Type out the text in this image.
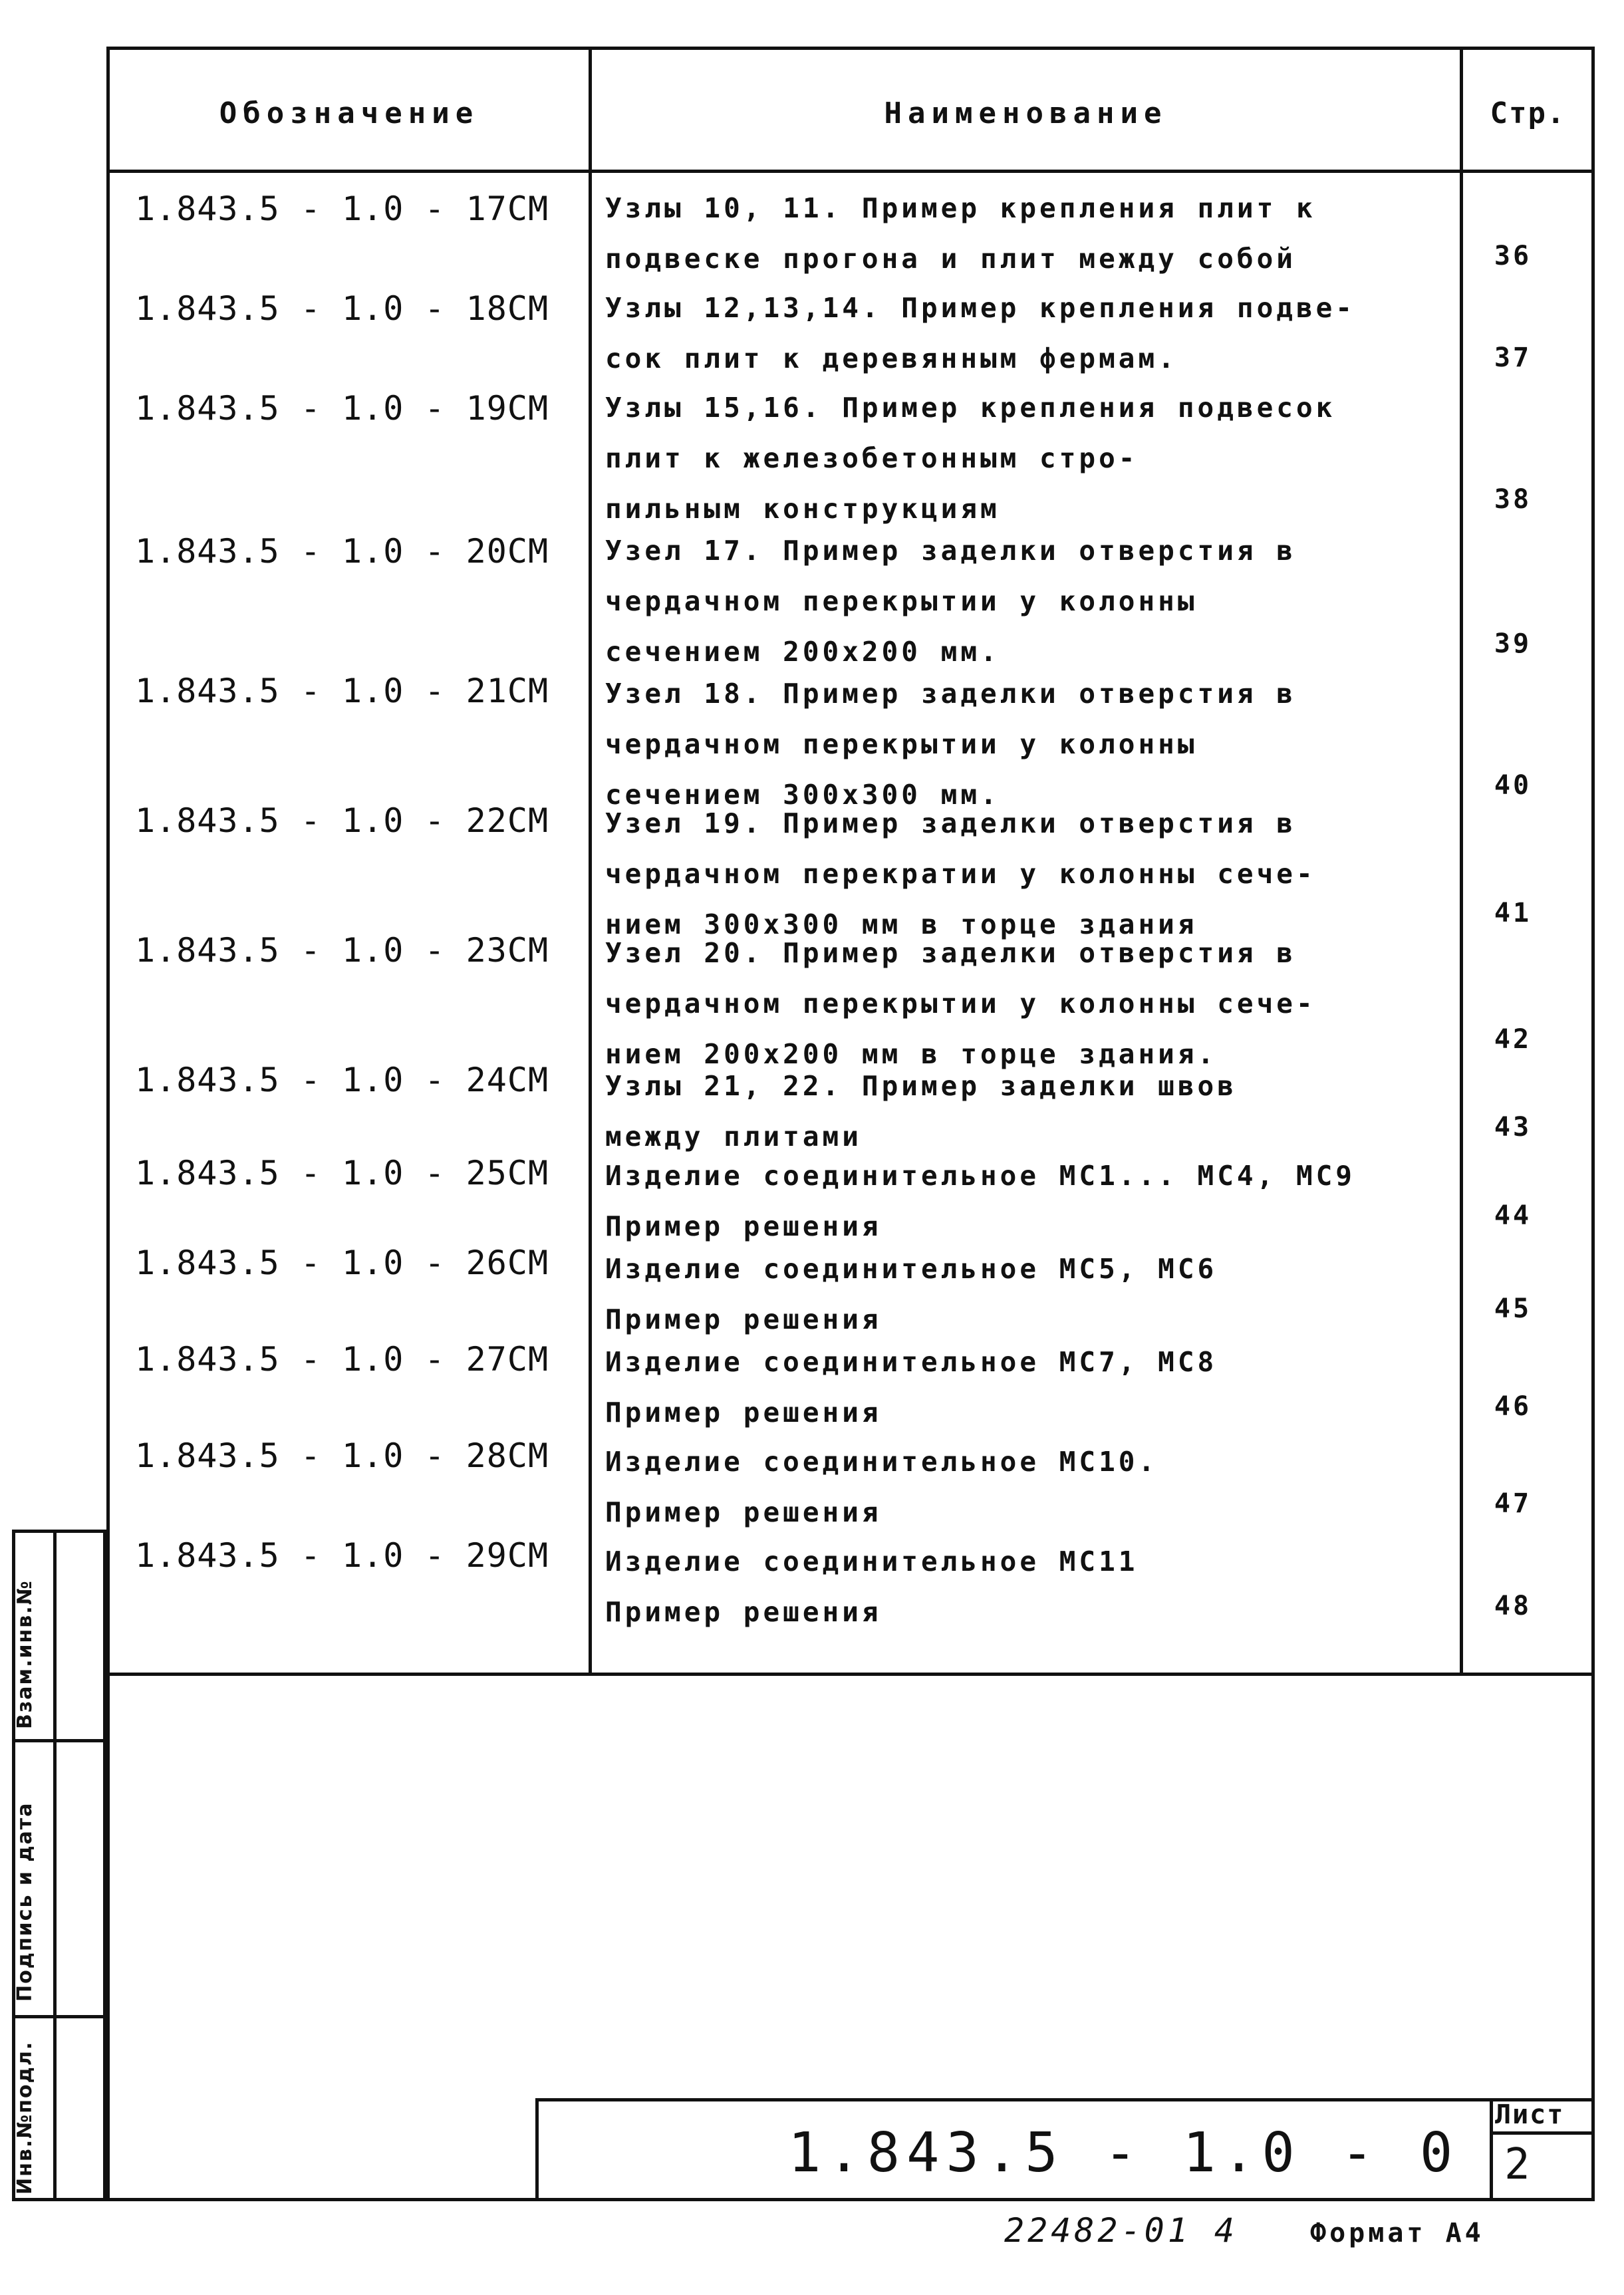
Обозначение	Наименование	Стр.
1.843.5 - 1.0 - 17СМ	Узлы 10, 11. Пример крепления плит к
подвеске прогона и плит между собой	36
1.843.5 - 1.0 - 18СМ	Узлы 12,13,14. Пример крепления подве-
сок плит к деревянным фермам.	37
1.843.5 - 1.0 - 19СМ	Узлы 15,16. Пример крепления подвесок
плит к железобетонным стро-
пильным конструкциям	38
1.843.5 - 1.0 - 20СМ	Узел 17. Пример заделки отверстия в
чердачном перекрытии у колонны
сечением 200х200 мм.	39
1.843.5 - 1.0 - 21СМ	Узел 18. Пример заделки отверстия в
чердачном перекрытии у колонны
сечением 300х300 мм.	40
1.843.5 - 1.0 - 22СМ	Узел 19. Пример заделки отверстия в
чердачном перекратии у колонны сече-
нием 300х300 мм в торце здания	41
1.843.5 - 1.0 - 23СМ	Узел 20. Пример заделки отверстия в
чердачном перекрытии у колонны сече-
нием 200х200 мм в торце здания.	42
1.843.5 - 1.0 - 24СМ	Узлы 21, 22. Пример заделки швов
между плитами	43
1.843.5 - 1.0 - 25СМ	Изделие соединительное МС1... МС4, МС9
Пример решения	44
1.843.5 - 1.0 - 26СМ	Изделие соединительное МС5, МС6
Пример решения	45
1.843.5 - 1.0 - 27СМ	Изделие соединительное МС7, МС8
Пример решения	46
1.843.5 - 1.0 - 28СМ	Изделие соединительное МС10.
Пример решения	47
1.843.5 - 1.0 - 29СМ	Изделие соединительное МС11
Пример решения	48
Взам.инв.№
Подпись и дата
Инв.№подл.	1.843.5 - 1.0 - 0
Лист
2
22482-01 4	Формат А4
